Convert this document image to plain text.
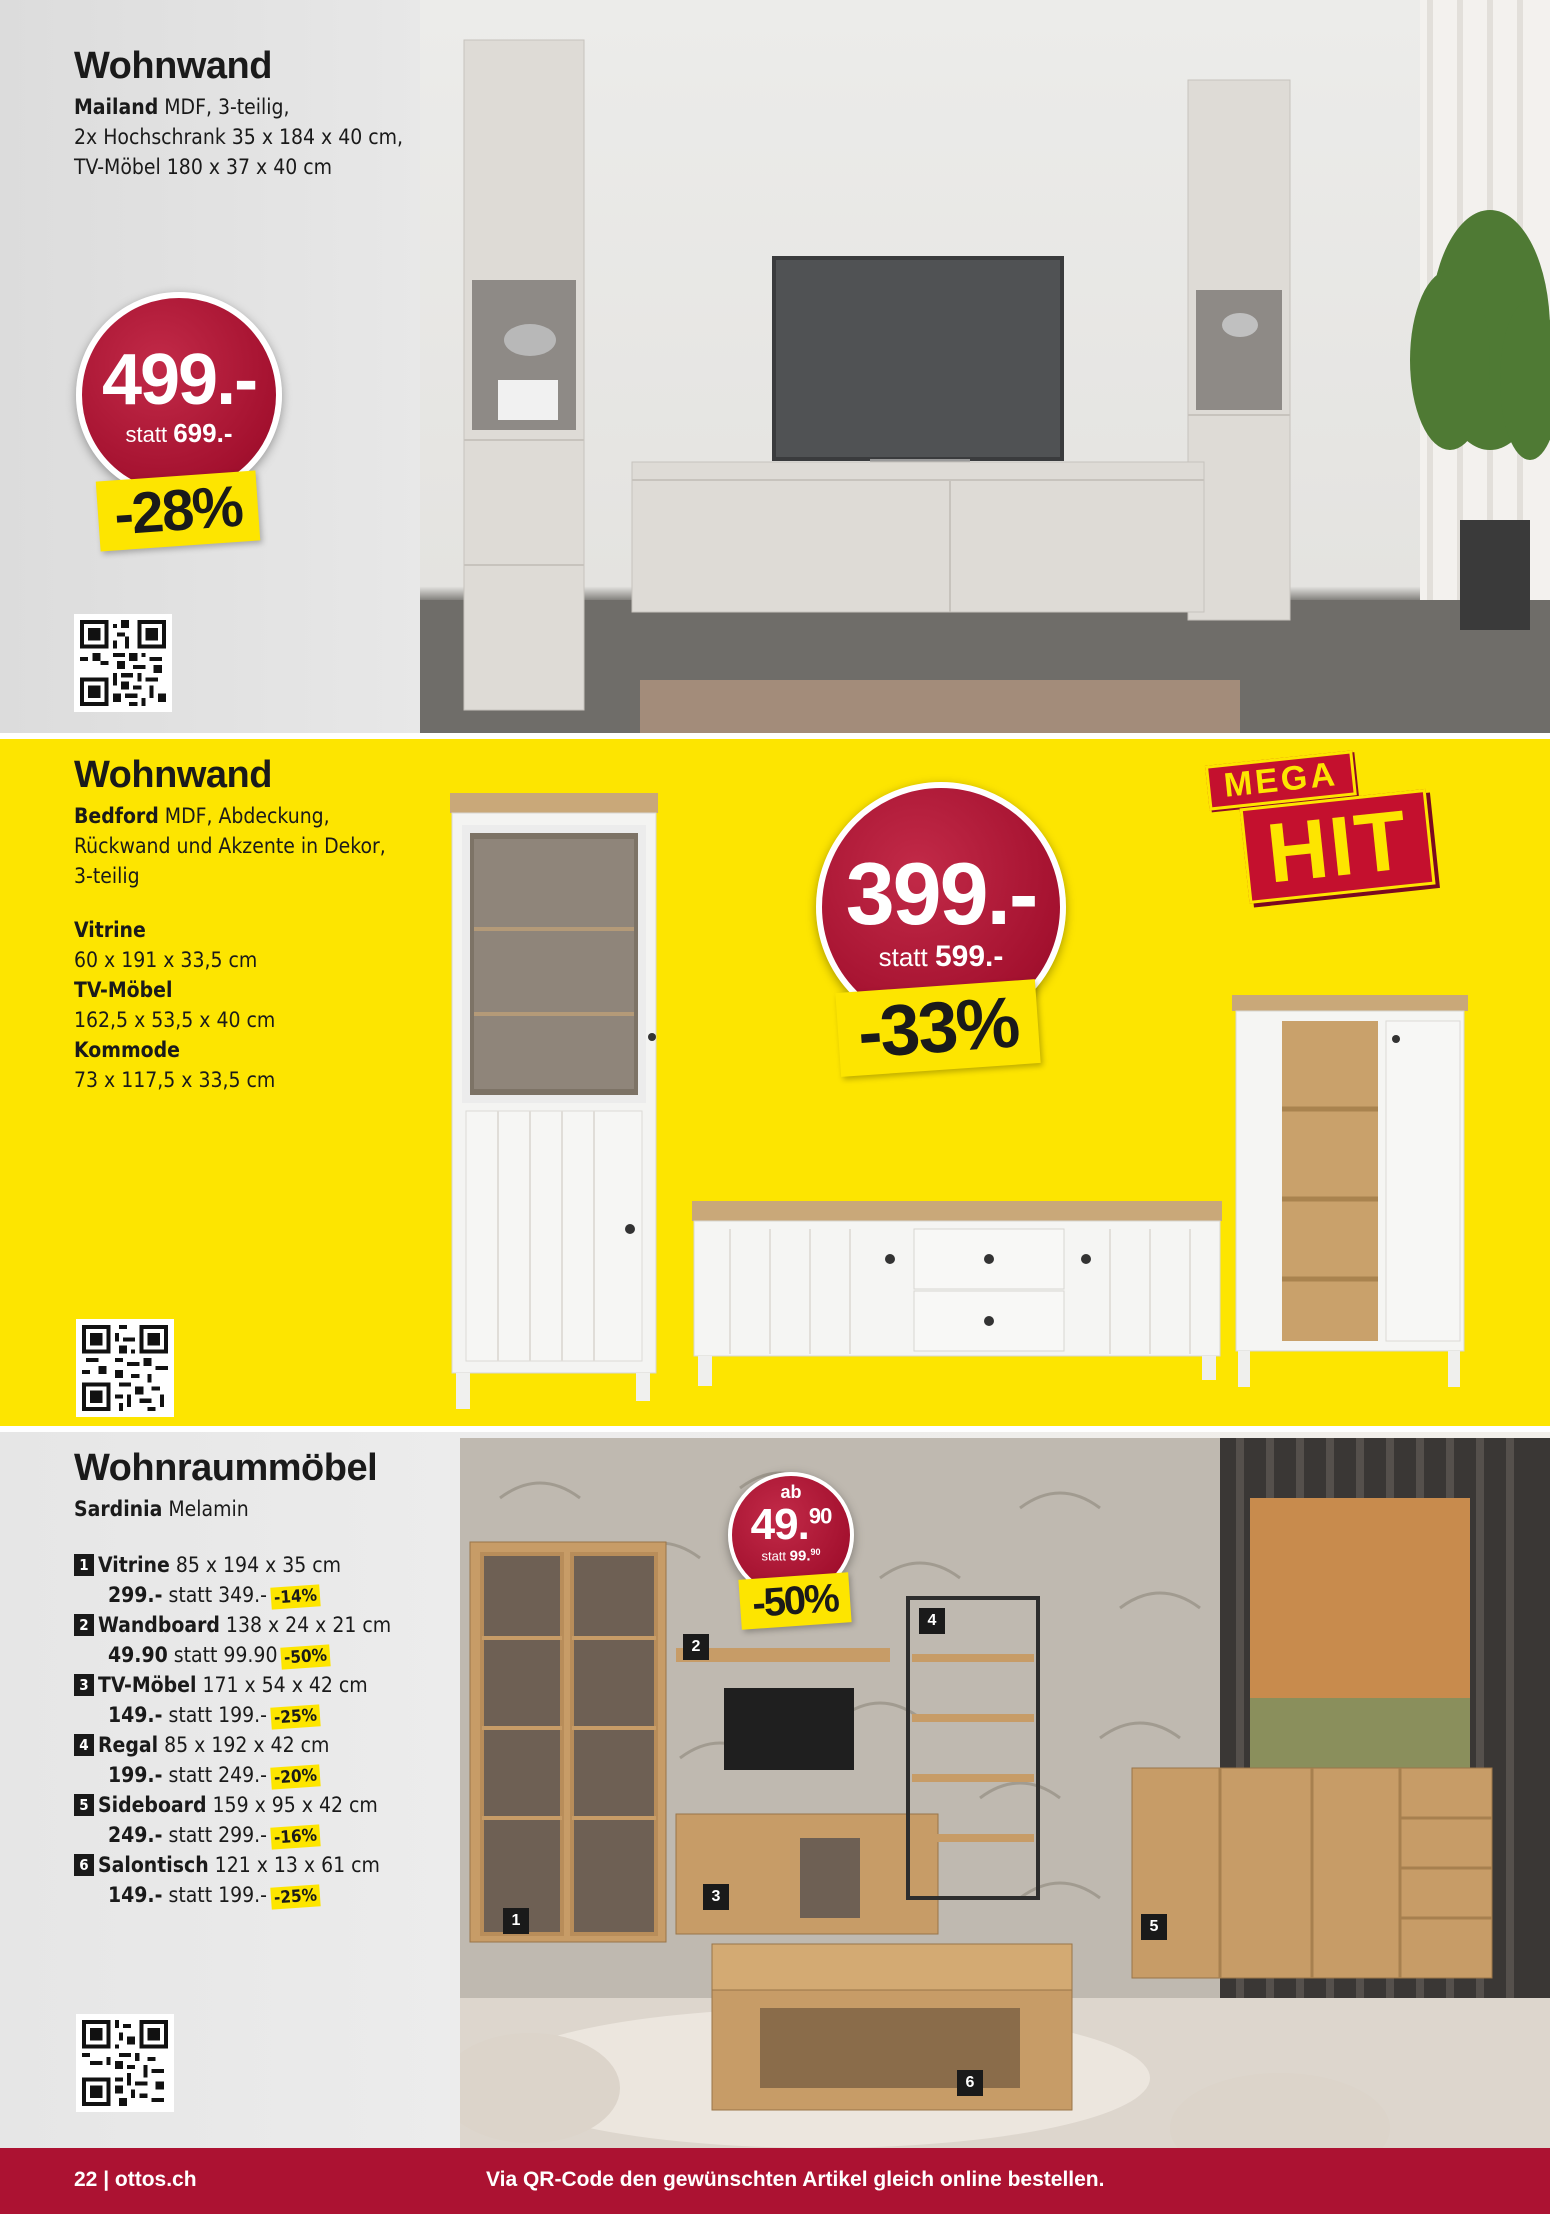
Wohnwand
Mailand MDF, 3-teilig,
2x Hochschrank 35 x 184 x 40 cm,
TV-Möbel 180 x 37 x 40 cm
499.-
statt 699.-
-28%
Wohnwand
Bedford MDF, Abdeckung,
Rückwand und Akzente in Dekor,
3-teilig
Vitrine
60 x 191 x 33,5 cm
TV-Möbel
162,5 x 53,5 x 40 cm
Kommode
73 x 117,5 x 33,5 cm
399.-
statt 599.-
-33%
MEGA
HIT
1
2
3
4
5
6
Wohnraummöbel
Sardinia Melamin
1 Vitrine 85 x 194 x 35 cm
299.- statt 349.- -14%
2 Wandboard 138 x 24 x 21 cm
49.90 statt 99.90 -50%
3 TV-Möbel 171 x 54 x 42 cm
149.- statt 199.- -25%
4 Regal 85 x 192 x 42 cm
199.- statt 249.- -20%
5 Sideboard 159 x 95 x 42 cm
249.- statt 299.- -16%
6 Salontisch 121 x 13 x 61 cm
149.- statt 199.- -25%
ab
49.90
statt 99.90
-50%
22 | ottos.ch	Via QR-Code den gewünschten Artikel gleich online bestellen.
